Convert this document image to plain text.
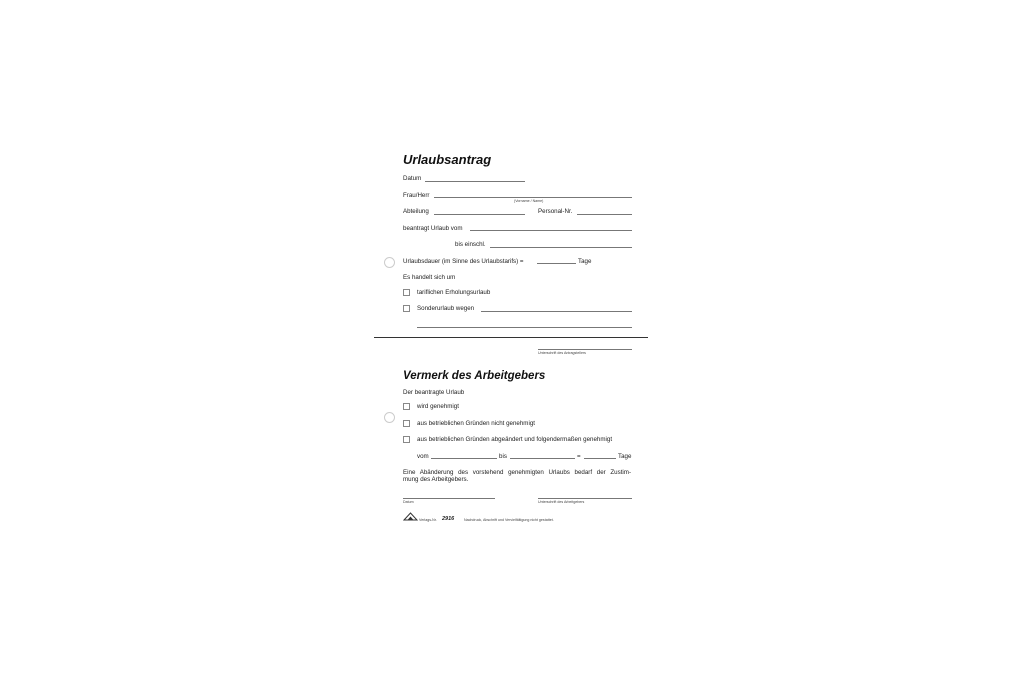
Urlaubsantrag
Datum
Frau/Herr
(Vorname / Name)
Abteilung	Personal-Nr.
beantragt Urlaub vom
bis einschl.
Urlaubsdauer (im Sinne des Urlaubstarifs) =	Tage
Es handelt sich um
tariflichen Erholungsurlaub
Sonderurlaub wegen
Unterschrift des Antragstellers
Vermerk des Arbeitgebers
Der beantragte Urlaub
wird genehmigt
aus betrieblichen Gründen nicht genehmigt
aus betrieblichen Gründen abgeändert und folgendermaßen genehmigt
vom	bis	=	Tage
Eine Abänderung des vorstehend genehmigten Urlaubs bedarf der Zustim-
mung des Arbeitgebers.
Datum	Unterschrift des Arbeitgebers
Verlags-Nr. 2916	Nachdruck, Abschrift und Vervielfältigung nicht gestattet.
